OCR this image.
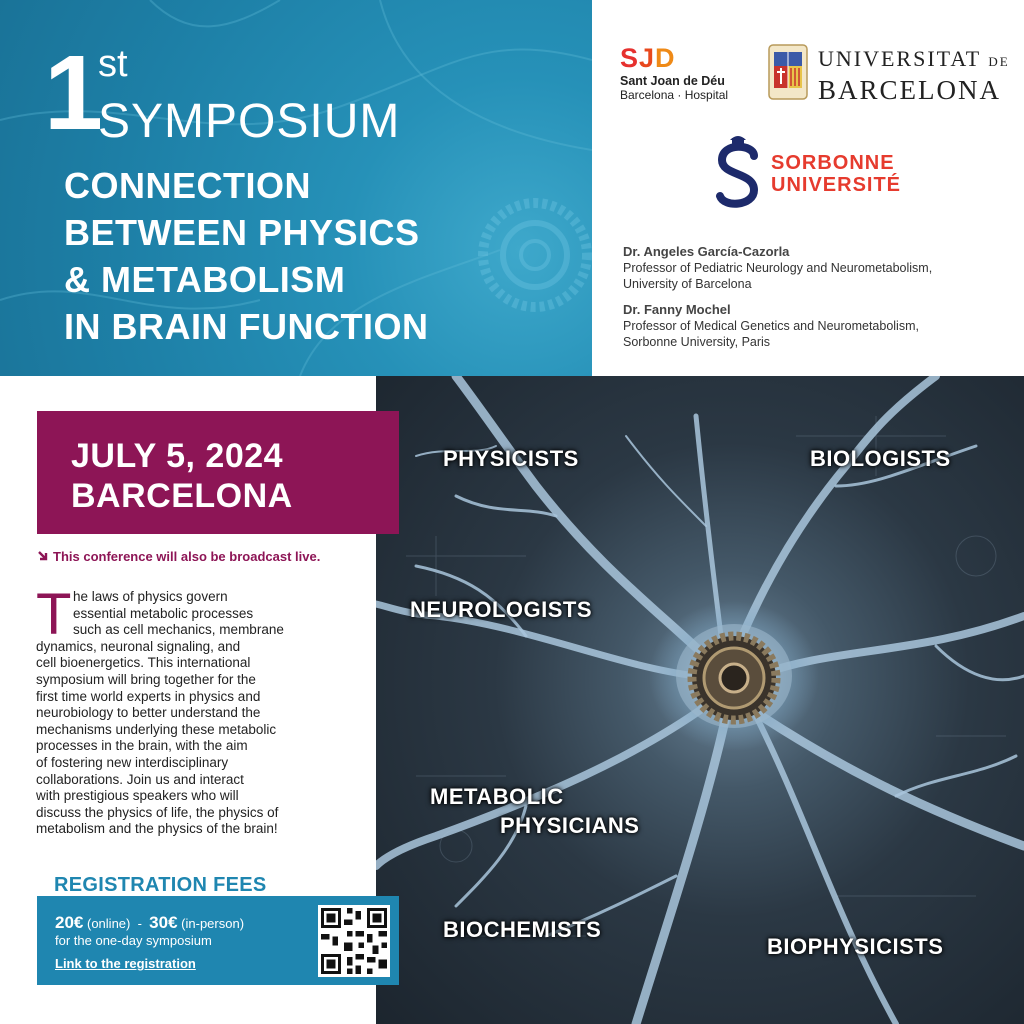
1
st
SYMPOSIUM
CONNECTION
BETWEEN PHYSICS
& METABOLISM
IN BRAIN FUNCTION
SJD
Sant Joan de Déu
Barcelona · Hospital
UNIVERSITAT DE
BARCELONA
SORBONNE
UNIVERSITÉ
Dr. Angeles García-Cazorla
Professor of Pediatric Neurology and Neurometabolism,
University of Barcelona
Dr. Fanny Mochel
Professor of Medical Genetics and Neurometabolism,
Sorbonne University, Paris
PHYSICISTS	BIOLOGISTS
NEUROLOGISTS
METABOLIC
PHYSICIANS
BIOCHEMISTS
BIOPHYSICISTS
JULY 5, 2024
BARCELONA
This conference will also be broadcast live.
T he laws of physics govern
essential metabolic processes
such as cell mechanics, membrane
dynamics, neuronal signaling, and
cell bioenergetics. This international
symposium will bring together for the
first time world experts in physics and
neurobiology to better understand the
mechanisms underlying these metabolic
processes in the brain, with the aim
of fostering new interdisciplinary
collaborations. Join us and interact
with prestigious speakers who will
discuss the physics of life, the physics of
metabolism and the physics of the brain!
REGISTRATION FEES
20€ (online) - 30€ (in-person)
for the one-day symposium
Link to the registration
